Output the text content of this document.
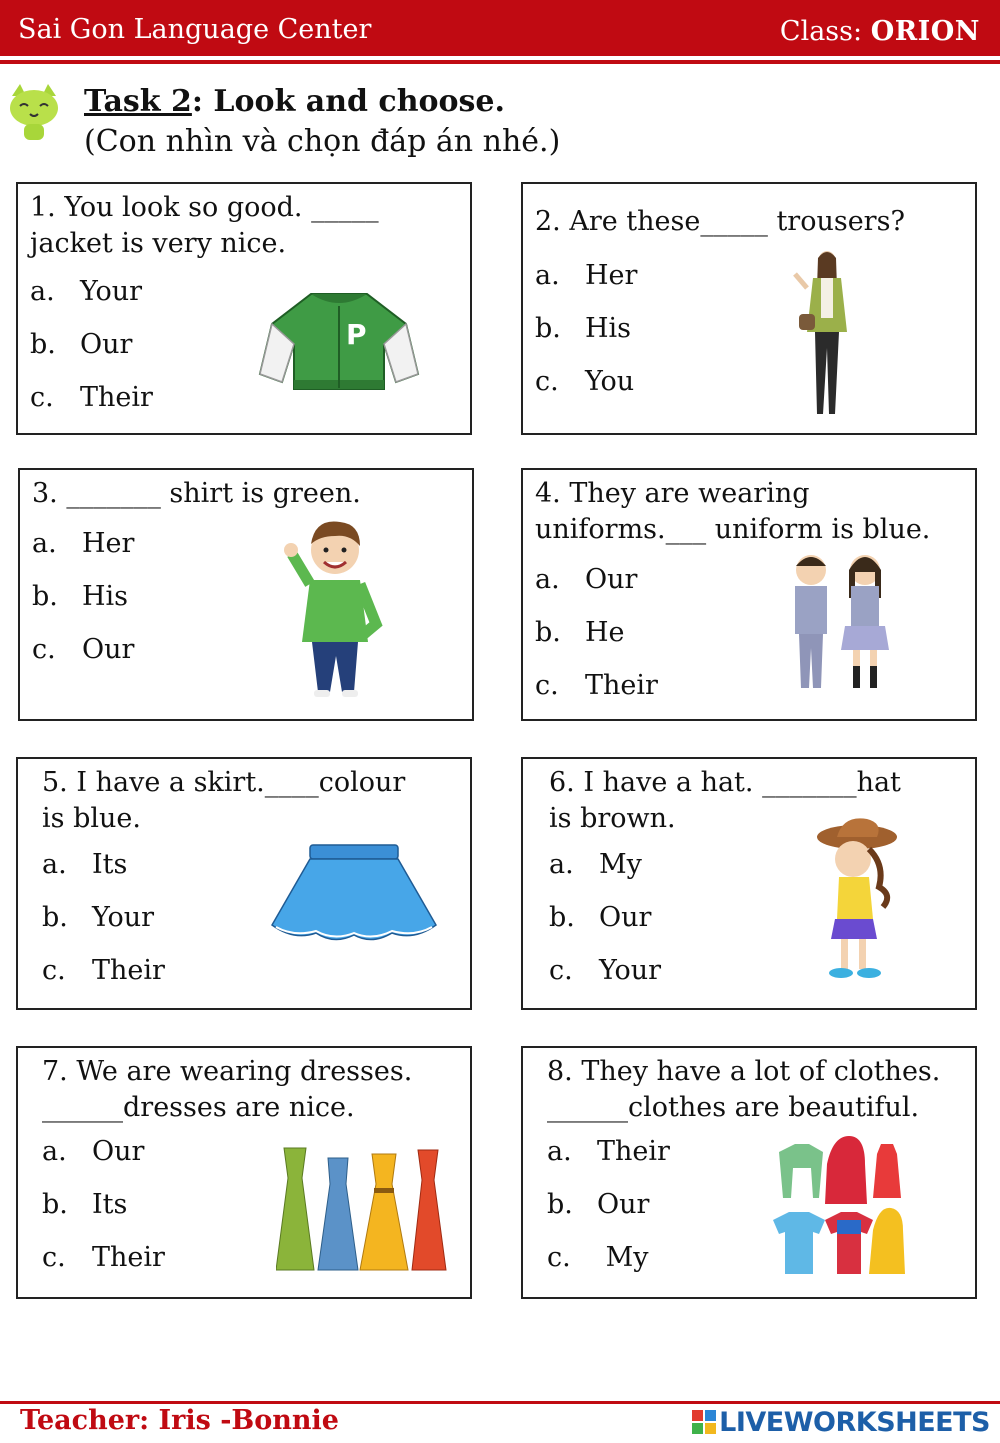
Sai Gon Language Center	Class: ORION
Task 2: Look and choose.
(Con nhìn và chọn đáp án nhé.)
1. You look so good. _____
jacket is very nice.
a. Your
b. Our
c. Their
P
2. Are these_____ trousers?
a. Her
b. His
c. You
3. _______ shirt is green.
a. Her
b. His
c. Our
4. They are wearing
uniforms.___ uniform is blue.
a. Our
b. He
c. Their
5. I have a skirt.____colour
is blue.
a. Its
b. Your
c. Their
6. I have a hat. _______hat
is brown.
a. My
b. Our
c. Your
7. We are wearing dresses.
______dresses are nice.
a. Our
b. Its
c. Their
8. They have a lot of clothes.
______clothes are beautiful.
a. Their
b. Our
c. My
Teacher: Iris -Bonnie	LIVEWORKSHEETS
